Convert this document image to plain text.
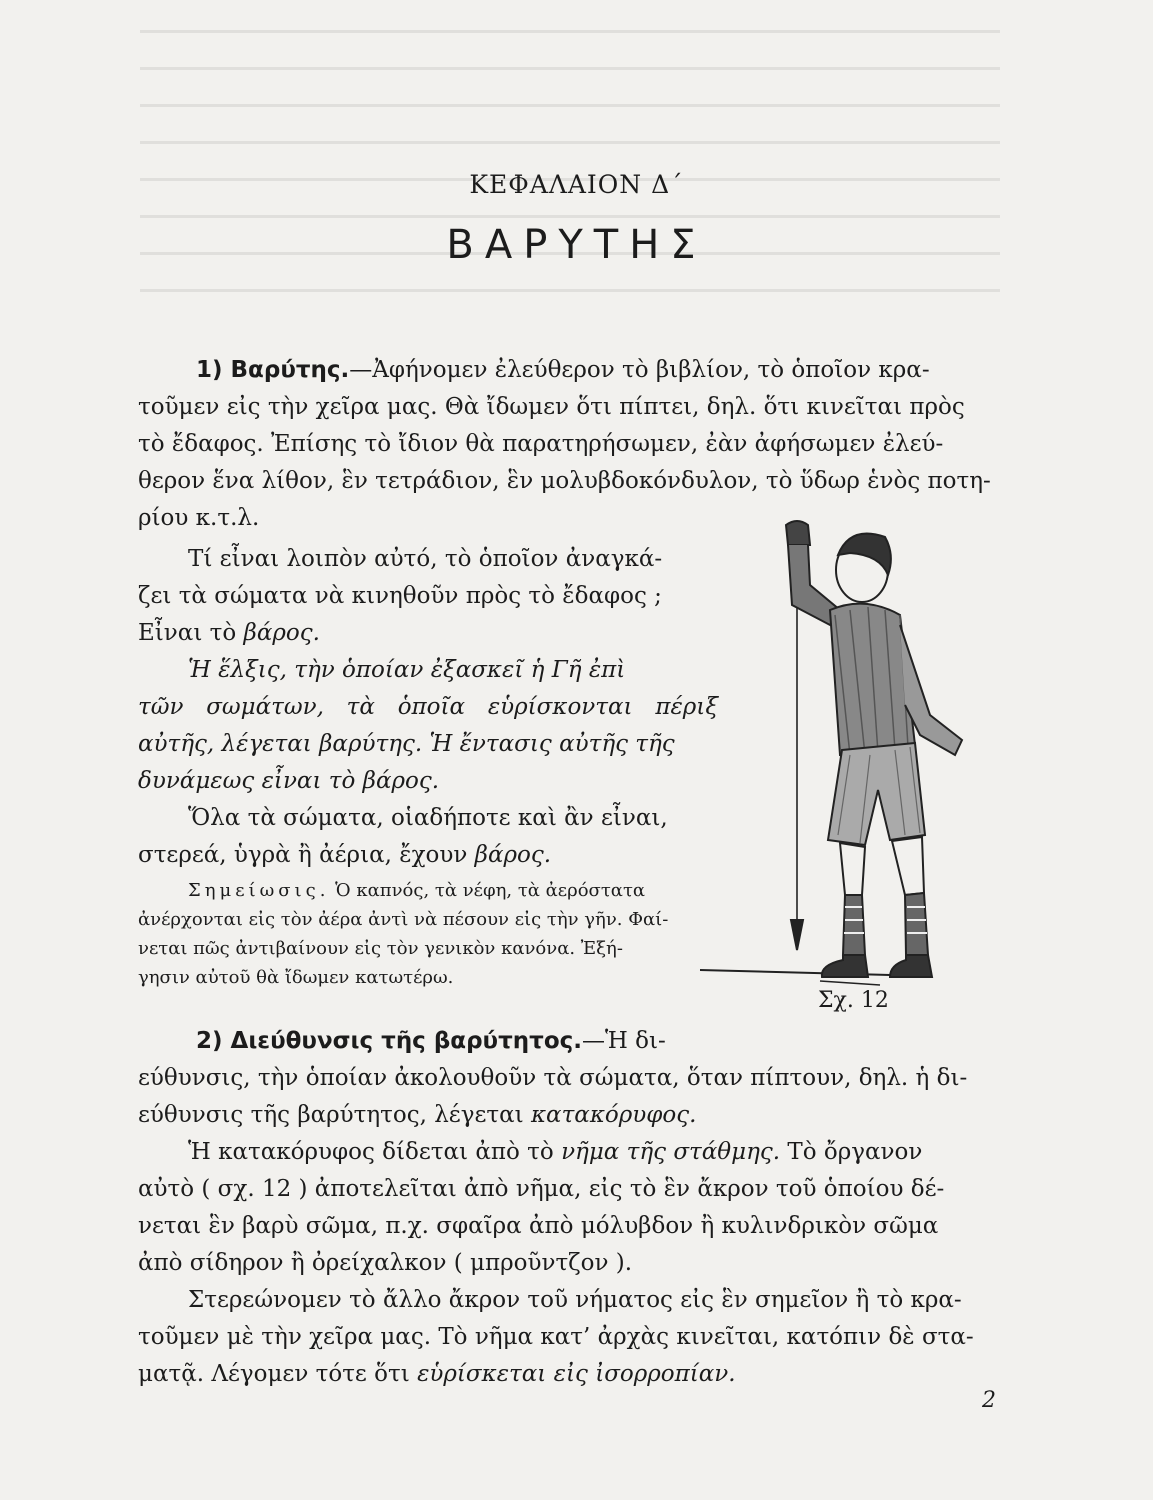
ΚΕΦΑΛΑΙΟΝ Δ΄
ΒΑΡΥΤΗΣ

1) Βαρύτης.—Ἀφήνομεν ἐλεύθερον τὸ βιβλίον, τὸ ὁποῖον κρα-

τοῦμεν εἰς τὴν χεῖρα μας. Θὰ ἴδωμεν ὅτι πίπτει, δηλ. ὅτι κινεῖται πρὸς

τὸ ἔδαφος. Ἐπίσης τὸ ἴδιον θὰ παρατηρήσωμεν, ἐὰν ἀφήσωμεν ἐλεύ-

θερον ἕνα λίθον, ἓν τετράδιον, ἓν μολυβδοκόνδυλον, τὸ ὕδωρ ἑνὸς ποτη-

ρίου κ.τ.λ.

Τί εἶναι λοιπὸν αὐτό, τὸ ὁποῖον ἀναγκά-

ζει τὰ σώματα νὰ κινηθοῦν πρὸς τὸ ἔδαφος ;

Εἶναι τὸ βάρος.

Ἡ ἕλξις, τὴν ὁποίαν ἐξασκεῖ ἡ Γῆ ἐπὶ

τῶν σωμάτων, τὰ ὁποῖα εὑρίσκονται πέριξ

αὐτῆς, λέγεται βαρύτης. Ἡ ἔντασις αὐτῆς τῆς

δυνάμεως εἶναι τὸ βάρος.

Ὅλα τὰ σώματα, οἱαδήποτε καὶ ἂν εἶναι,

στερεά, ὑγρὰ ἢ ἀέρια, ἔχουν βάρος.

Σημείωσις. Ὁ καπνός, τὰ νέφη, τὰ ἀερόστατα

ἀνέρχονται εἰς τὸν ἀέρα ἀντὶ νὰ πέσουν εἰς τὴν γῆν. Φαί-

νεται πῶς ἀντιβαίνουν εἰς τὸν γενικὸν κανόνα. Ἐξή-

γησιν αὐτοῦ θὰ ἴδωμεν κατωτέρω.

Σχ. 12

2) Διεύθυνσις τῆς βαρύτητος.—Ἡ δι-

εύθυνσις, τὴν ὁποίαν ἀκολουθοῦν τὰ σώματα, ὅταν πίπτουν, δηλ. ἡ δι-

εύθυνσις τῆς βαρύτητος, λέγεται κατακόρυφος.

Ἡ κατακόρυφος δίδεται ἀπὸ τὸ νῆμα τῆς στάθμης. Τὸ ὄργανον

αὐτὸ ( σχ. 12 ) ἀποτελεῖται ἀπὸ νῆμα, εἰς τὸ ἓν ἄκρον τοῦ ὁποίου δέ-

νεται ἓν βαρὺ σῶμα, π.χ. σφαῖρα ἀπὸ μόλυβδον ἢ κυλινδρικὸν σῶμα

ἀπὸ σίδηρον ἢ ὀρείχαλκον ( μπροῦντζον ).

Στερεώνομεν τὸ ἄλλο ἄκρον τοῦ νήματος εἰς ἓν σημεῖον ἢ τὸ κρα-

τοῦμεν μὲ τὴν χεῖρα μας. Τὸ νῆμα κατ’ ἀρχὰς κινεῖται, κατόπιν δὲ στα-

ματᾷ. Λέγομεν τότε ὅτι εὑρίσκεται εἰς ἰσορροπίαν.

2
